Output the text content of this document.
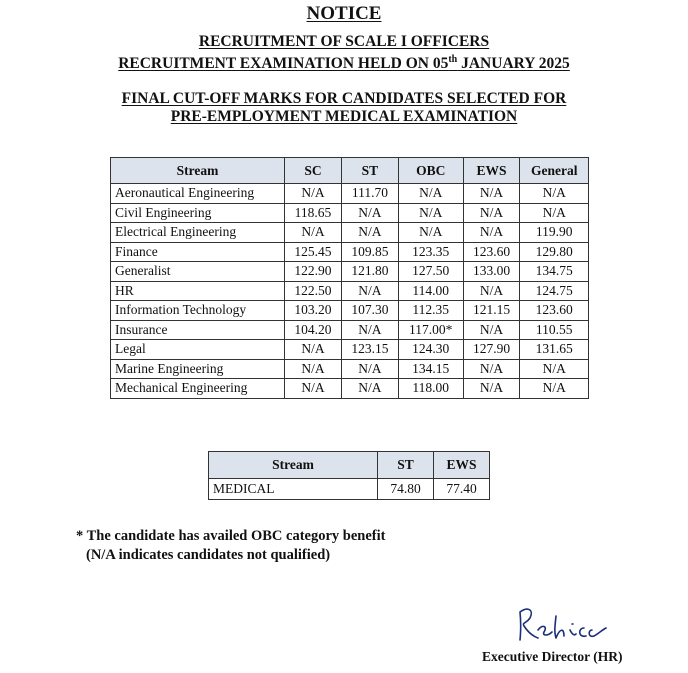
NOTICE
RECRUITMENT OF SCALE I OFFICERS
RECRUITMENT EXAMINATION HELD ON 05th JANUARY 2025
FINAL CUT-OFF MARKS FOR CANDIDATES SELECTED FOR
PRE-EMPLOYMENT MEDICAL EXAMINATION
Stream	SC	ST	OBC	EWS	General
Aeronautical Engineering	N/A	111.70	N/A	N/A	N/A
Civil Engineering	118.65	N/A	N/A	N/A	N/A
Electrical Engineering	N/A	N/A	N/A	N/A	119.90
Finance	125.45	109.85	123.35	123.60	129.80
Generalist	122.90	121.80	127.50	133.00	134.75
HR	122.50	N/A	114.00	N/A	124.75
Information Technology	103.20	107.30	112.35	121.15	123.60
Insurance	104.20	N/A	117.00*	N/A	110.55
Legal	N/A	123.15	124.30	127.90	131.65
Marine Engineering	N/A	N/A	134.15	N/A	N/A
Mechanical Engineering	N/A	N/A	118.00	N/A	N/A
Stream	ST	EWS
MEDICAL	74.80	77.40
* The candidate has availed OBC category benefit
(N/A indicates candidates not qualified)
Executive Director (HR)
